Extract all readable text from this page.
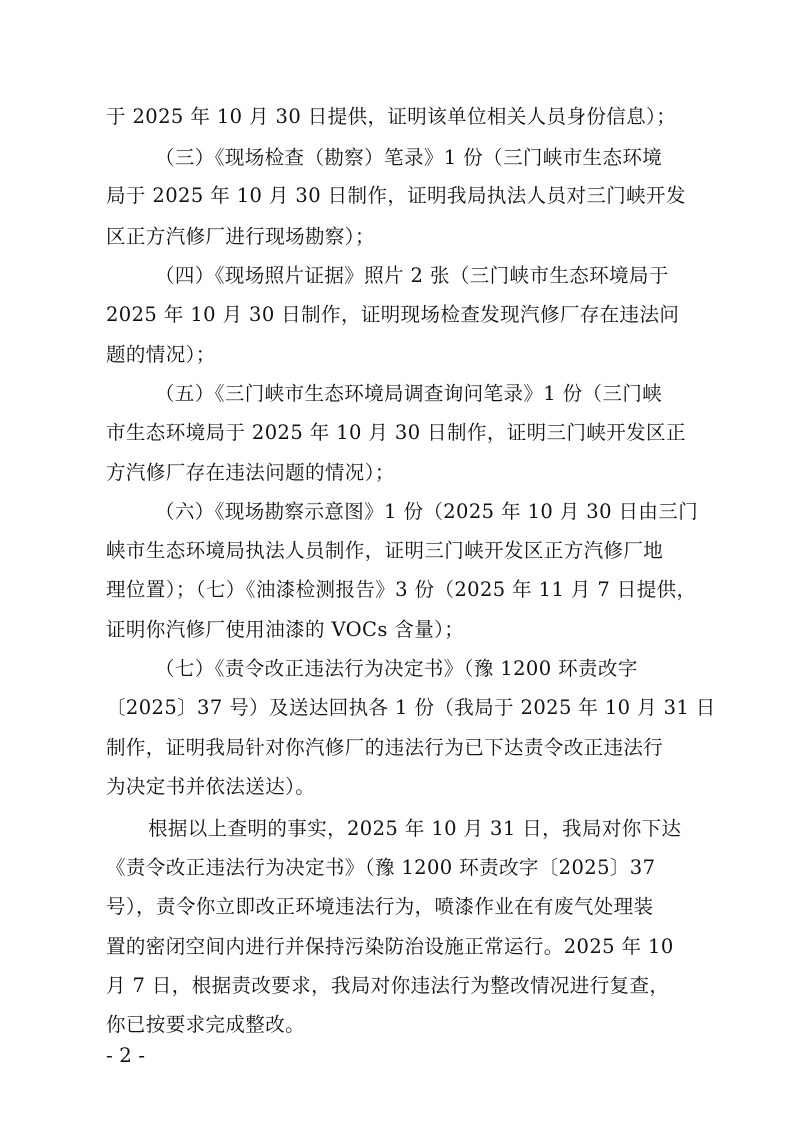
于 2025 年 10 月 30 日提供，证明该单位相关人员身份信息）；
（三）《现场检查（勘察）笔录》1 份（三门峡市生态环境
局于 2025 年 10 月 30 日制作，证明我局执法人员对三门峡开发
区正方汽修厂进行现场勘察）；
（四）《现场照片证据》照片 2 张（三门峡市生态环境局于
2025 年 10 月 30 日制作，证明现场检查发现汽修厂存在违法问
题的情况）；
（五）《三门峡市生态环境局调查询问笔录》1 份（三门峡
市生态环境局于 2025 年 10 月 30 日制作，证明三门峡开发区正
方汽修厂存在违法问题的情况）；
（六）《现场勘察示意图》1 份（2025 年 10 月 30 日由三门
峡市生态环境局执法人员制作，证明三门峡开发区正方汽修厂地
理位置）；（七）《油漆检测报告》3 份（2025 年 11 月 7 日提供，
证明你汽修厂使用油漆的 VOCs 含量）；
（七）《责令改正违法行为决定书》（豫 1200 环责改字
〔2025〕37 号）及送达回执各 1 份（我局于 2025 年 10 月 31 日
制作，证明我局针对你汽修厂的违法行为已下达责令改正违法行
为决定书并依法送达）。
根据以上查明的事实，2025 年 10 月 31 日，我局对你下达
《责令改正违法行为决定书》（豫 1200 环责改字〔2025〕37
号），责令你立即改正环境违法行为，喷漆作业在有废气处理装
置的密闭空间内进行并保持污染防治设施正常运行。2025 年 10
月 7 日，根据责改要求，我局对你违法行为整改情况进行复查，
你已按要求完成整改。
- 2 -
